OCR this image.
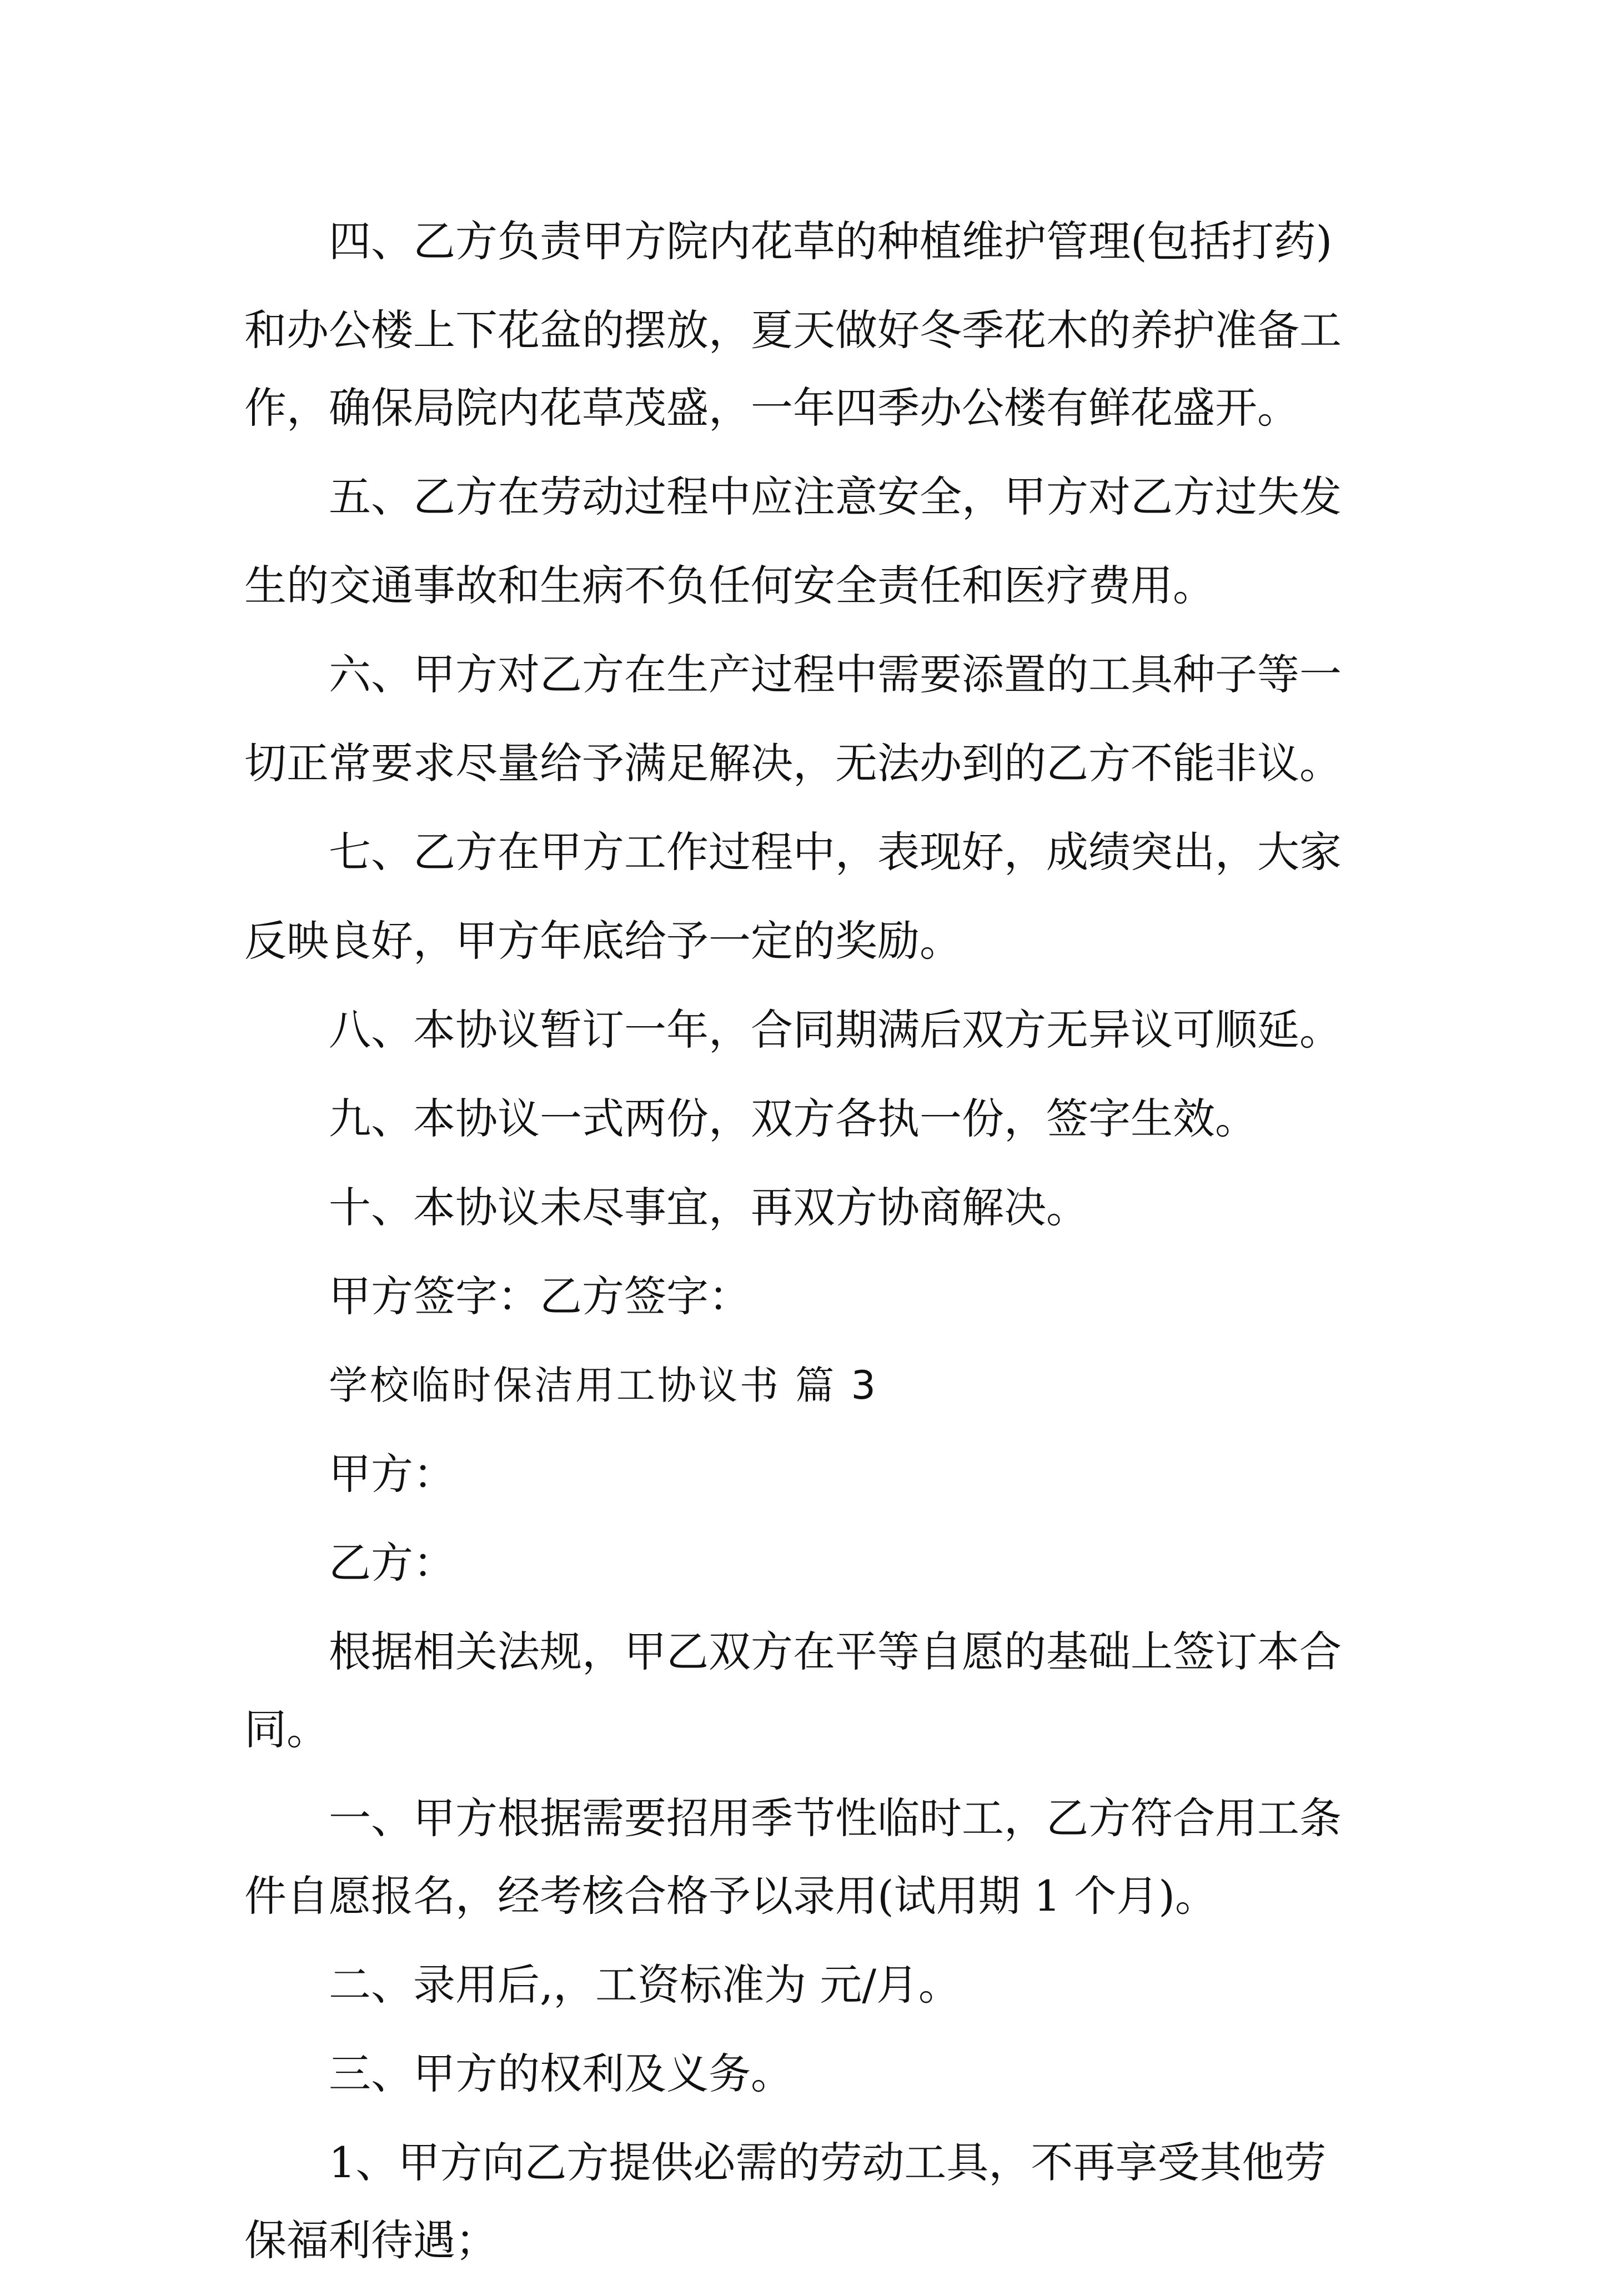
四、乙方负责甲方院内花草的种植维护管理(包括打药)
和办公楼上下花盆的摆放，夏天做好冬季花木的养护准备工
作，确保局院内花草茂盛，一年四季办公楼有鲜花盛开。
五、乙方在劳动过程中应注意安全，甲方对乙方过失发
生的交通事故和生病不负任何安全责任和医疗费用。
六、甲方对乙方在生产过程中需要添置的工具种子等一
切正常要求尽量给予满足解决，无法办到的乙方不能非议。
七、乙方在甲方工作过程中，表现好，成绩突出，大家
反映良好，甲方年底给予一定的奖励。
八、本协议暂订一年，合同期满后双方无异议可顺延。
九、本协议一式两份，双方各执一份，签字生效。
十、本协议未尽事宜，再双方协商解决。
甲方签字：乙方签字：
学校临时保洁用工协议书 篇 3
甲方：
乙方：
根据相关法规，甲乙双方在平等自愿的基础上签订本合
同。
一、甲方根据需要招用季节性临时工，乙方符合用工条
件自愿报名，经考核合格予以录用(试用期 1 个月)。
二、录用后,，工资标准为 元/月。
三、甲方的权利及义务。
1、甲方向乙方提供必需的劳动工具，不再享受其他劳
保福利待遇；
